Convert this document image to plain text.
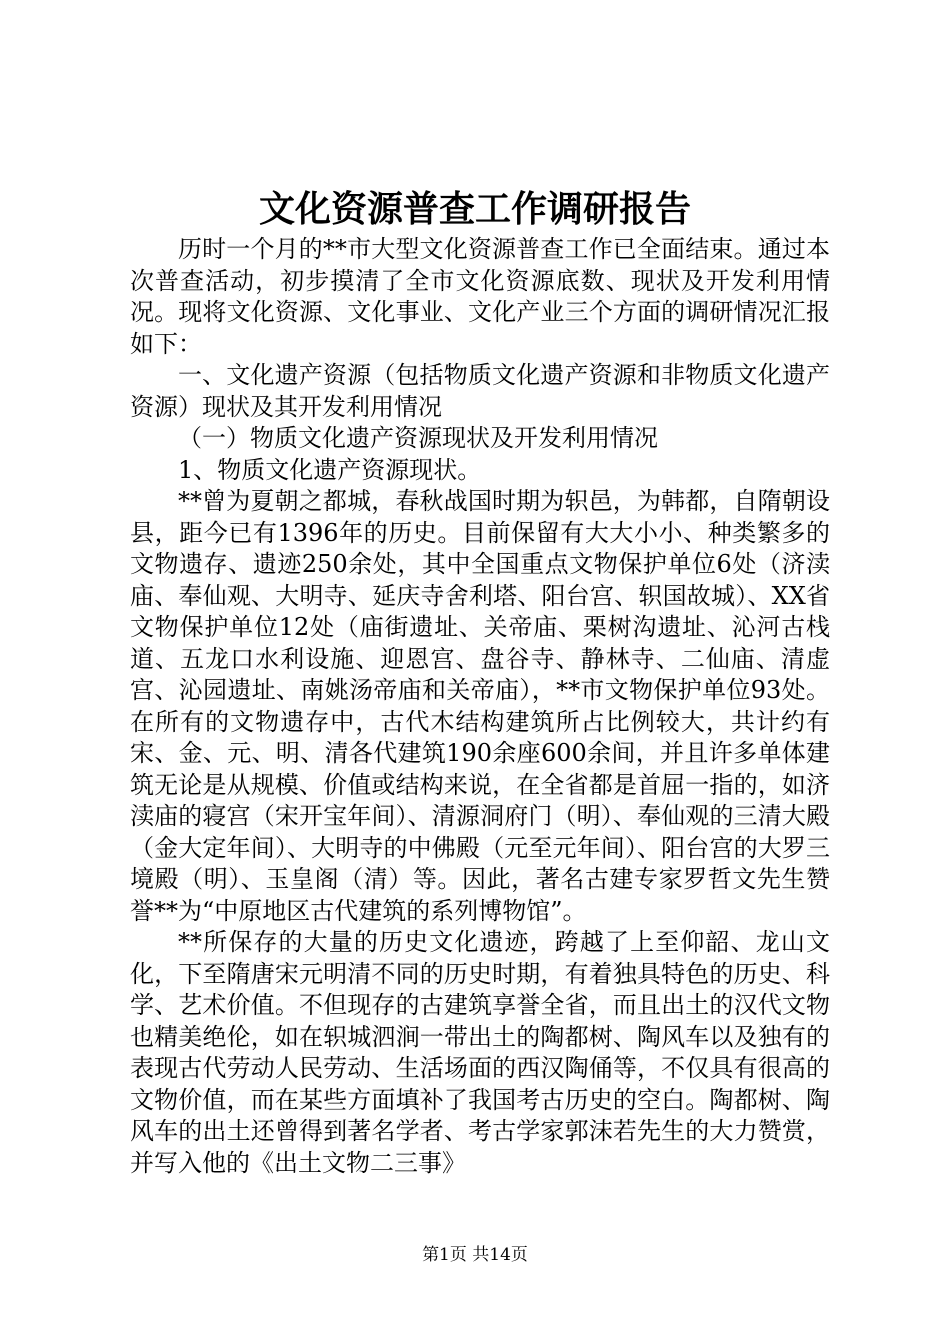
文化资源普查工作调研报告

历时一个月的**市大型文化资源普查工作已全面结束。通过本次普查活动，初步摸清了全市文化资源底数、现状及开发利用情况。现将文化资源、文化事业、文化产业三个方面的调研情况汇报如下：

一、文化遗产资源（包括物质文化遗产资源和非物质文化遗产资源）现状及其开发利用情况

（一）物质文化遗产资源现状及开发利用情况

1、物质文化遗产资源现状。

**曾为夏朝之都城，春秋战国时期为轵邑，为韩都，自隋朝设县，距今已有1396年的历史。目前保留有大大小小、种类繁多的文物遗存、遗迹250余处，其中全国重点文物保护单位6处（济渎庙、奉仙观、大明寺、延庆寺舍利塔、阳台宫、轵国故城）、XX省文物保护单位12处（庙街遗址、关帝庙、栗树沟遗址、沁河古栈道、五龙口水利设施、迎恩宫、盘谷寺、静林寺、二仙庙、清虚宫、沁园遗址、南姚汤帝庙和关帝庙），**市文物保护单位93处。在所有的文物遗存中，古代木结构建筑所占比例较大，共计约有宋、金、元、明、清各代建筑190余座600余间，并且许多单体建筑无论是从规模、价值或结构来说，在全省都是首屈一指的，如济渎庙的寝宫（宋开宝年间）、清源洞府门（明）、奉仙观的三清大殿（金大定年间）、大明寺的中佛殿（元至元年间）、阳台宫的大罗三境殿（明）、玉皇阁（清）等。因此，著名古建专家罗哲文先生赞誉**为“中原地区古代建筑的系列博物馆”。

**所保存的大量的历史文化遗迹，跨越了上至仰韶、龙山文化，下至隋唐宋元明清不同的历史时期，有着独具特色的历史、科学、艺术价值。不但现存的古建筑享誉全省，而且出土的汉代文物也精美绝伦，如在轵城泗涧一带出土的陶都树、陶风车以及独有的表现古代劳动人民劳动、生活场面的西汉陶俑等，不仅具有很高的文物价值，而在某些方面填补了我国考古历史的空白。陶都树、陶风车的出土还曾得到著名学者、考古学家郭沫若先生的大力赞赏，并写入他的《出土文物二三事》

第1页 共14页
